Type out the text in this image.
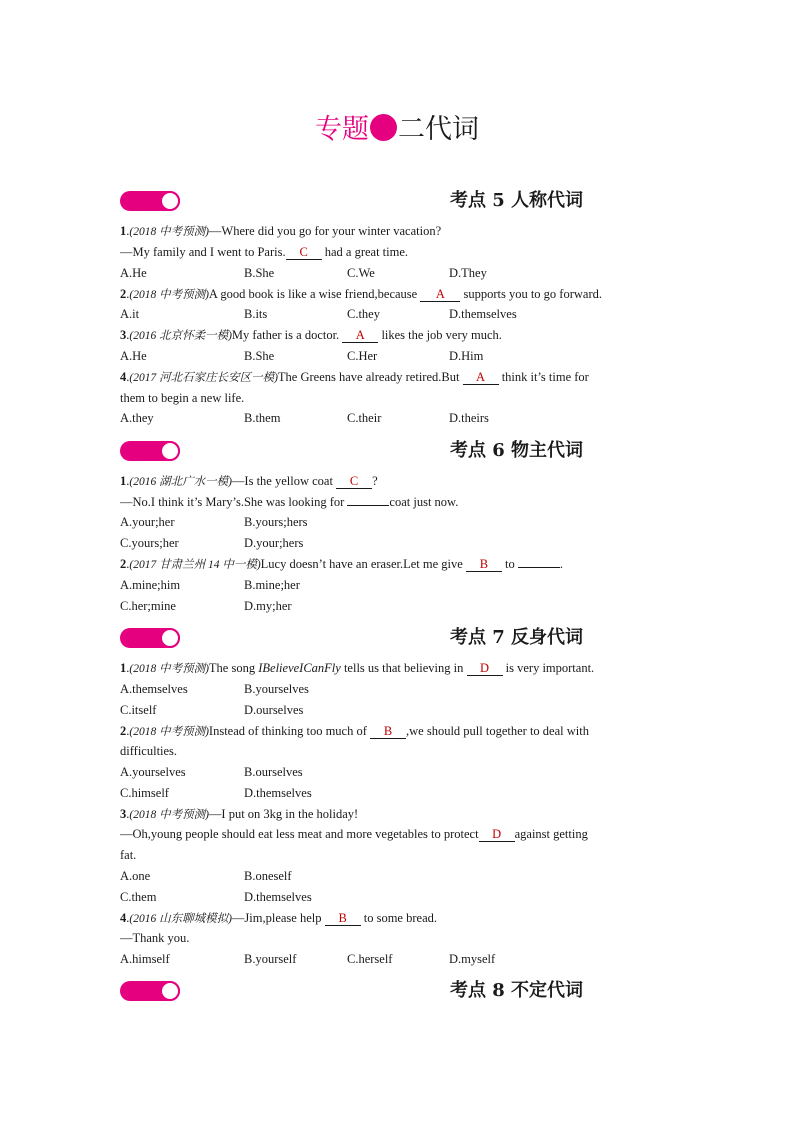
专题 二代词
考点 5 人称代词
1.(2018 中考预测)—Where did you go for your winter vacation?
—My family and I went to Paris. C had a great time.
A.He	B.She	C.We	D.They
2.(2018 中考预测)A good book is like a wise friend,because A supports you to go forward.
A.it	B.its	C.they	D.themselves
3.(2016 北京怀柔一模)My father is a doctor. A likes the job very much.
A.He	B.She	C.Her	D.Him
4.(2017 河北石家庄长安区一模)The Greens have already retired.But A think it’s time for
them to begin a new life.
A.they	B.them	C.their	D.theirs
考点 6 物主代词
1.(2016 湖北广水一模)—Is the yellow coat C ?
—No.I think it’s Mary’s.She was looking for	coat just now.
A.your;her	B.yours;hers
C.yours;her	D.your;hers
2.(2017 甘肃兰州 14 中一模)Lucy doesn’t have an eraser.Let me give B to	.
A.mine;him	B.mine;her
C.her;mine	D.my;her
考点 7 反身代词
1.(2018 中考预测)The song IBelieveICanFly tells us that believing in D is very important.
A.themselves	B.yourselves
C.itself	D.ourselves
2.(2018 中考预测)Instead of thinking too much of B ,we should pull together to deal with
difficulties.
A.yourselves	B.ourselves
C.himself	D.themselves
3.(2018 中考预测)—I put on 3kg in the holiday!
—Oh,young people should eat less meat and more vegetables to protect D against getting
fat.
A.one	B.oneself
C.them	D.themselves
4.(2016 山东聊城模拟)—Jim,please help B to some bread.
—Thank you.
A.himself	B.yourself	C.herself	D.myself
考点 8 不定代词
